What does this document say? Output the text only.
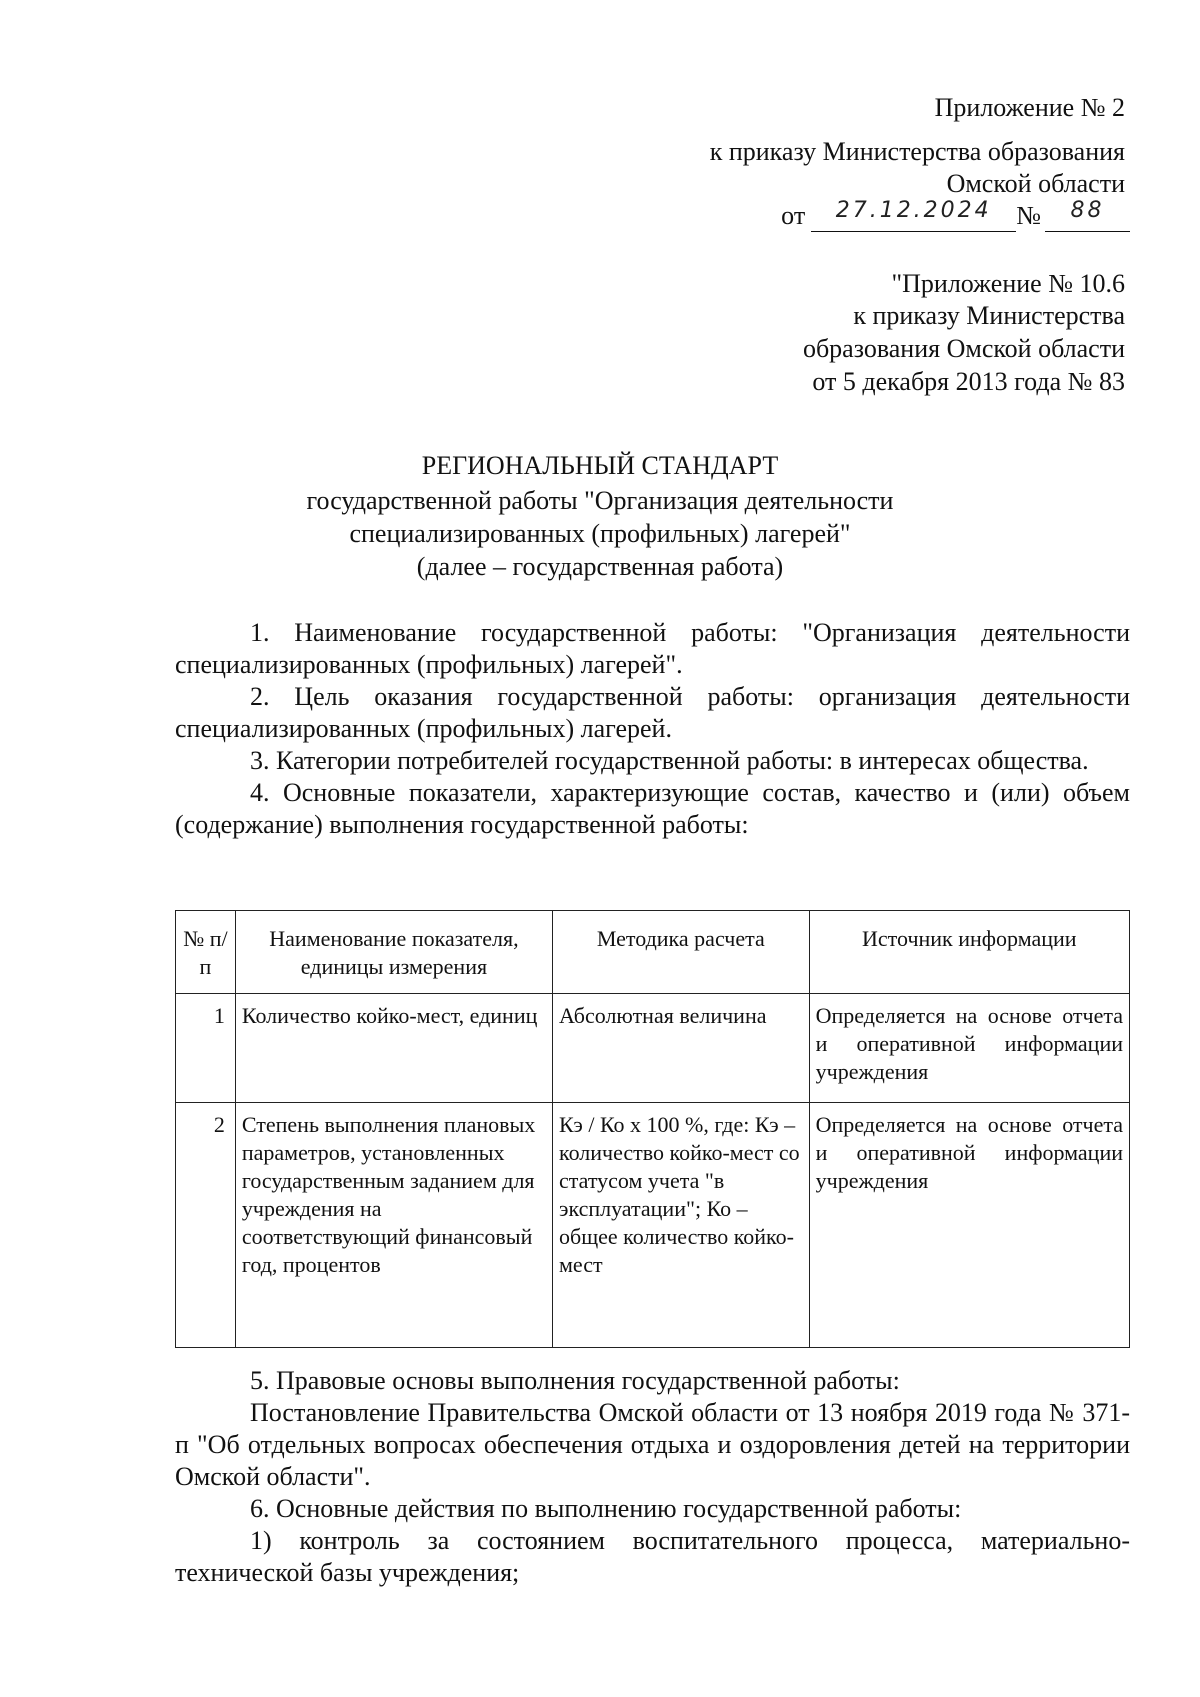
Приложение № 2
к приказу Министерства образования
Омской области
от	27.12.2024 №	88
"Приложение № 10.6
к приказу Министерства
образования Омской области
от 5 декабря 2013 года № 83
РЕГИОНАЛЬНЫЙ СТАНДАРТ
государственной работы "Организация деятельности
специализированных (профильных) лагерей"
(далее – государственная работа)

1. Наименование государственной работы: "Организация деятельности специализированных (профильных) лагерей".

2. Цель оказания государственной работы: организация деятельности специализированных (профильных) лагерей.

3. Категории потребителей государственной работы: в интересах общества.

4. Основные показатели, характеризующие состав, качество и (или) объем (содержание) выполнения государственной работы:

№ п/п	Наименование показателя, единицы измерения	Методика расчета	Источник информации
1	Количество койко-мест, единиц	Абсолютная величина	Определяется на основе отчета и оперативной информации учреждения
2	Степень выполнения плановых параметров, установленных государственным заданием для учреждения на соответствующий финансовый год, процентов	Кэ / Ко х 100 %, где: Кэ – количество койко-мест со статусом учета "в эксплуатации"; Ко – общее количество койко-мест	Определяется на основе отчета и оперативной информации учреждения

5. Правовые основы выполнения государственной работы:

Постановление Правительства Омской области от 13 ноября 2019 года № 371-п "Об отдельных вопросах обеспечения отдыха и оздоровления детей на территории Омской области".

6. Основные действия по выполнению государственной работы:

1) контроль за состоянием воспитательного процесса, материально-технической базы учреждения;
